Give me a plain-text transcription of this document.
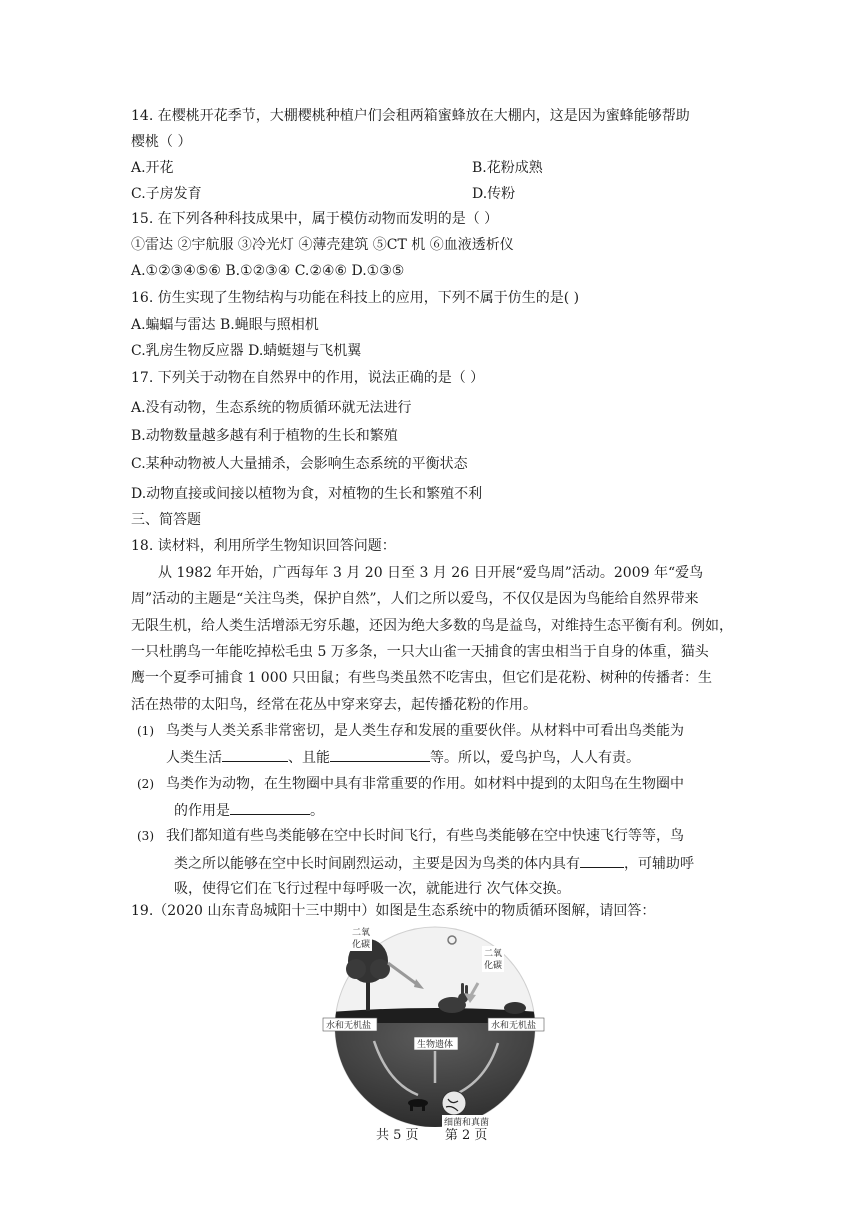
14. 在樱桃开花季节，大棚樱桃种植户们会租两箱蜜蜂放在大棚内，这是因为蜜蜂能够帮助
樱桃（ ）
A.开花	B.花粉成熟
C.子房发育	D.传粉
15. 在下列各种科技成果中，属于模仿动物而发明的是（ ）
①雷达 ②宇航服 ③冷光灯 ④薄壳建筑 ⑤CT 机 ⑥血液透析仪
A.①②③④⑤⑥ B.①②③④ C.②④⑥ D.①③⑤
16. 仿生实现了生物结构与功能在科技上的应用，下列不属于仿生的是( )
A.蝙蝠与雷达 B.蝇眼与照相机
C.乳房生物反应器 D.蜻蜓翅与飞机翼
17. 下列关于动物在自然界中的作用，说法正确的是（ ）
A.没有动物，生态系统的物质循环就无法进行
B.动物数量越多越有利于植物的生长和繁殖
C.某种动物被人大量捕杀，会影响生态系统的平衡状态
D.动物直接或间接以植物为食，对植物的生长和繁殖不利
三、简答题
18. 读材料，利用所学生物知识回答问题：
从 1982 年开始，广西每年 3 月 20 日至 3 月 26 日开展“爱鸟周”活动。2009 年“爱鸟
周”活动的主题是“关注鸟类，保护自然”，人们之所以爱鸟，不仅仅是因为鸟能给自然界带来
无限生机，给人类生活增添无穷乐趣，还因为绝大多数的鸟是益鸟，对维持生态平衡有利。例如，
一只杜鹃鸟一年能吃掉松毛虫 5 万多条，一只大山雀一天捕食的害虫相当于自身的体重，猫头
鹰一个夏季可捕食 1 000 只田鼠；有些鸟类虽然不吃害虫，但它们是花粉、树种的传播者：生
活在热带的太阳鸟，经常在花丛中穿来穿去，起传播花粉的作用。
(1) 鸟类与人类关系非常密切，是人类生存和发展的重要伙伴。从材料中可看出鸟类能为
人类生活	、且能	等。所以，爱鸟护鸟，人人有责。
(2) 鸟类作为动物，在生物圈中具有非常重要的作用。如材料中提到的太阳鸟在生物圈中
的作用是	。
(3) 我们都知道有些鸟类能够在空中长时间飞行，有些鸟类能够在空中快速飞行等等，鸟
类之所以能够在空中长时间剧烈运动，主要是因为鸟类的体内具有	，可辅助呼
吸，使得它们在飞行过程中每呼吸一次，就能进行 次气体交换。
19.（2020 山东青岛城阳十三中期中）如图是生态系统中的物质循环图解，请回答：
二氧
化碳
二氧
化碳
水和无机盐	水和无机盐
生物遗体
细菌和真菌
共 5 页 第 2 页
